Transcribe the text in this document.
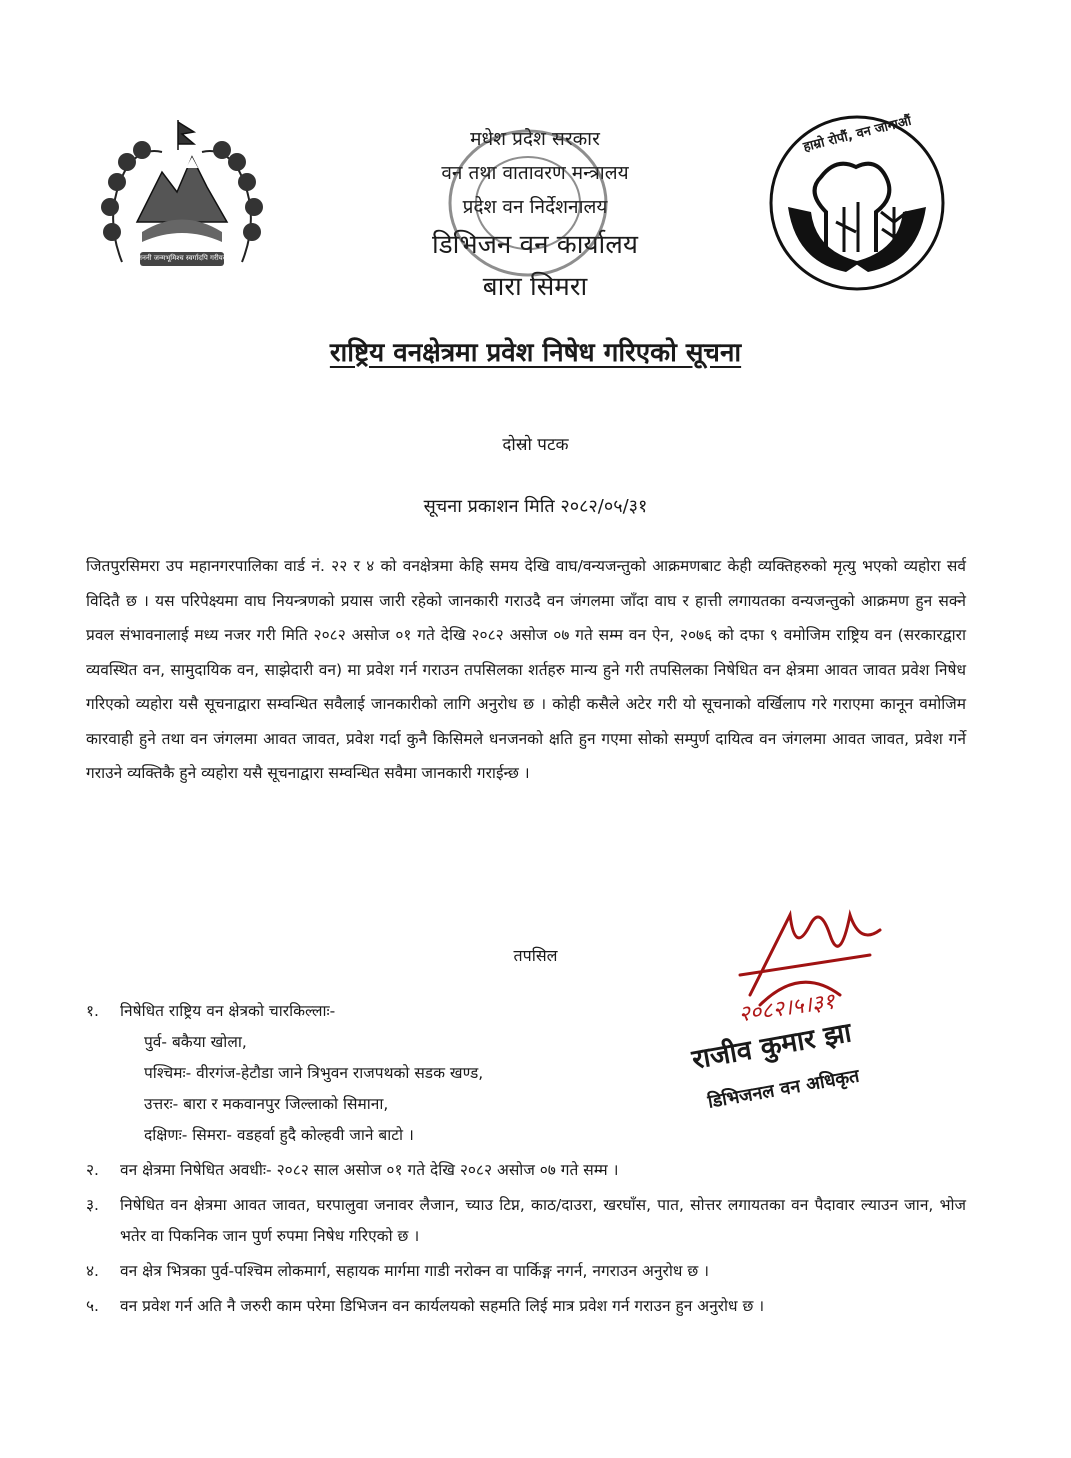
जननी जन्मभूमिश्च स्वर्गादपि गरीयसी
मधेश प्रदेश सरकार
वन तथा वातावरण मन्त्रालय
प्रदेश वन निर्देशनालय
डिभिजन वन कार्यालय
बारा सिमरा
हाम्रो रोपौं, वन जोगाऔं
राष्ट्रिय वनक्षेत्रमा प्रवेश निषेध गरिएको सूचना
दोस्रो पटक
सूचना प्रकाशन मिति २०८२/०५/३१

जितपुरसिमरा उप महानगरपालिका वार्ड नं. २२ र ४ को वनक्षेत्रमा केहि समय देखि वाघ/वन्यजन्तुको आक्रमणबाट केही व्यक्तिहरुको मृत्यु भएको व्यहोरा सर्व विदितै छ । यस परिपेक्ष्यमा वाघ नियन्त्रणको प्रयास जारी रहेको जानकारी गराउदै वन जंगलमा जाँदा वाघ र हात्ती लगायतका वन्यजन्तुको आक्रमण हुन सक्ने प्रवल संभावनालाई मध्य नजर गरी मिति २०८२ असोज ०१ गते देखि २०८२ असोज ०७ गते सम्म वन ऐन, २०७६ को दफा ९ वमोजिम राष्ट्रिय वन (सरकारद्वारा व्यवस्थित वन, सामुदायिक वन, साझेदारी वन) मा प्रवेश गर्न गराउन तपसिलका शर्तहरु मान्य हुने गरी तपसिलका निषेधित वन क्षेत्रमा आवत जावत प्रवेश निषेध गरिएको व्यहोरा यसै सूचनाद्वारा सम्वन्धित सवैलाई जानकारीको लागि अनुरोध छ । कोही कसैले अटेर गरी यो सूचनाको वर्खिलाप गरे गराएमा कानून वमोजिम कारवाही हुने तथा वन जंगलमा आवत जावत, प्रवेश गर्दा कुनै किसिमले धनजनको क्षति हुन गएमा सोको सम्पुर्ण दायित्व वन जंगलमा आवत जावत, प्रवेश गर्ने गराउने व्यक्तिकै हुने व्यहोरा यसै सूचनाद्वारा सम्वन्धित सवैमा जानकारी गराईन्छ ।

तपसिल
१.	निषेधित राष्ट्रिय वन क्षेत्रको चारकिल्लाः-
पुर्व- बकैया खोला,
पश्चिमः- वीरगंज-हेटौडा जाने त्रिभुवन राजपथको सडक खण्ड,
उत्तरः- बारा र मकवानपुर जिल्लाको सिमाना,
दक्षिणः- सिमरा- वडहर्वा हुदै कोल्हवी जाने बाटो ।
२.	वन क्षेत्रमा निषेधित अवधीः- २०८२ साल असोज ०१ गते देखि २०८२ असोज ०७ गते सम्म ।
३.	निषेधित वन क्षेत्रमा आवत जावत, घरपालुवा जनावर लैजान, च्याउ टिप्न, काठ/दाउरा, खरघाँस, पात, सोत्तर लगायतका वन पैदावार ल्याउन जान, भोज भतेर वा पिकनिक जान पुर्ण रुपमा निषेध गरिएको छ ।
४.	वन क्षेत्र भित्रका पुर्व-पश्चिम लोकमार्ग, सहायक मार्गमा गाडी नरोक्न वा पार्किङ्ग नगर्न, नगराउन अनुरोध छ ।
५.	वन प्रवेश गर्न अति नै जरुरी काम परेमा डिभिजन वन कार्यलयको सहमति लिई मात्र प्रवेश गर्न गराउन हुन अनुरोध छ ।
२०८२।५।३१
राजीव कुमार झा
डिभिजनल वन अधिकृत
